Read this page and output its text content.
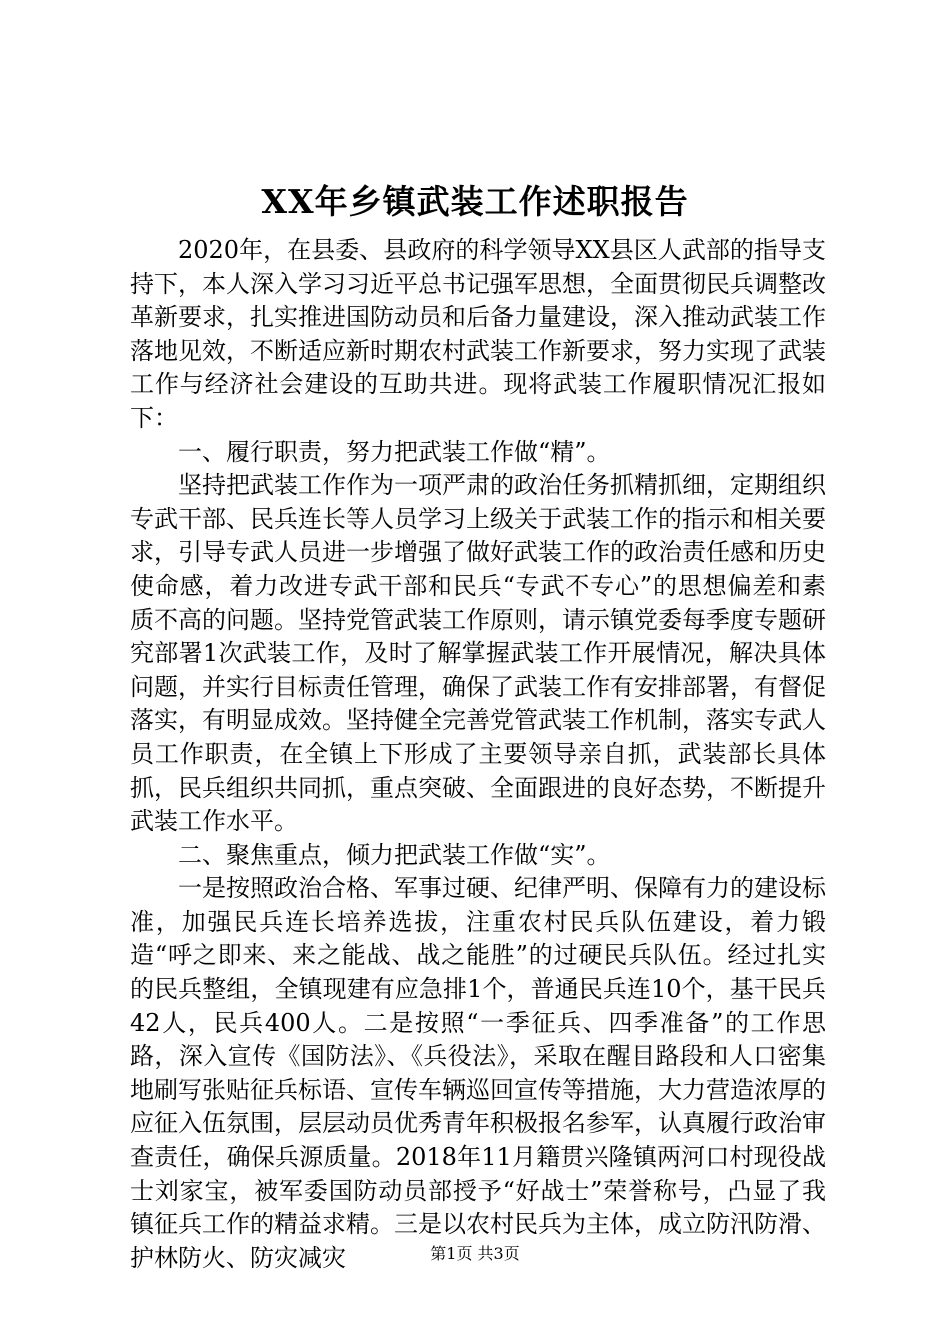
XX年乡镇武装工作述职报告

2020年，在县委、县政府的科学领导XX县区人武部的指导支持下，本人深入学习习近平总书记强军思想，全面贯彻民兵调整改革新要求，扎实推进国防动员和后备力量建设，深入推动武装工作落地见效，不断适应新时期农村武装工作新要求，努力实现了武装工作与经济社会建设的互助共进。现将武装工作履职情况汇报如下：

一、履行职责，努力把武装工作做“精”。

坚持把武装工作作为一项严肃的政治任务抓精抓细，定期组织专武干部、民兵连长等人员学习上级关于武装工作的指示和相关要求，引导专武人员进一步增强了做好武装工作的政治责任感和历史使命感，着力改进专武干部和民兵“专武不专心”的思想偏差和素质不高的问题。坚持党管武装工作原则，请示镇党委每季度专题研究部署1次武装工作，及时了解掌握武装工作开展情况，解决具体问题，并实行目标责任管理，确保了武装工作有安排部署，有督促落实，有明显成效。坚持健全完善党管武装工作机制，落实专武人员工作职责，在全镇上下形成了主要领导亲自抓，武装部长具体抓，民兵组织共同抓，重点突破、全面跟进的良好态势，不断提升武装工作水平。

二、聚焦重点，倾力把武装工作做“实”。

一是按照政治合格、军事过硬、纪律严明、保障有力的建设标准，加强民兵连长培养选拔，注重农村民兵队伍建设，着力锻造“呼之即来、来之能战、战之能胜”的过硬民兵队伍。经过扎实的民兵整组，全镇现建有应急排1个，普通民兵连10个，基干民兵42人，民兵400人。二是按照“一季征兵、四季准备”的工作思路，深入宣传《国防法》、《兵役法》，采取在醒目路段和人口密集地刷写张贴征兵标语、宣传车辆巡回宣传等措施，大力营造浓厚的应征入伍氛围，层层动员优秀青年积极报名参军，认真履行政治审查责任，确保兵源质量。2018年11月籍贯兴隆镇两河口村现役战士刘家宝，被军委国防动员部授予“好战士”荣誉称号，凸显了我镇征兵工作的精益求精。三是以农村民兵为主体，成立防汛防滑、护林防火、防灾减灾	第1页 共3页
